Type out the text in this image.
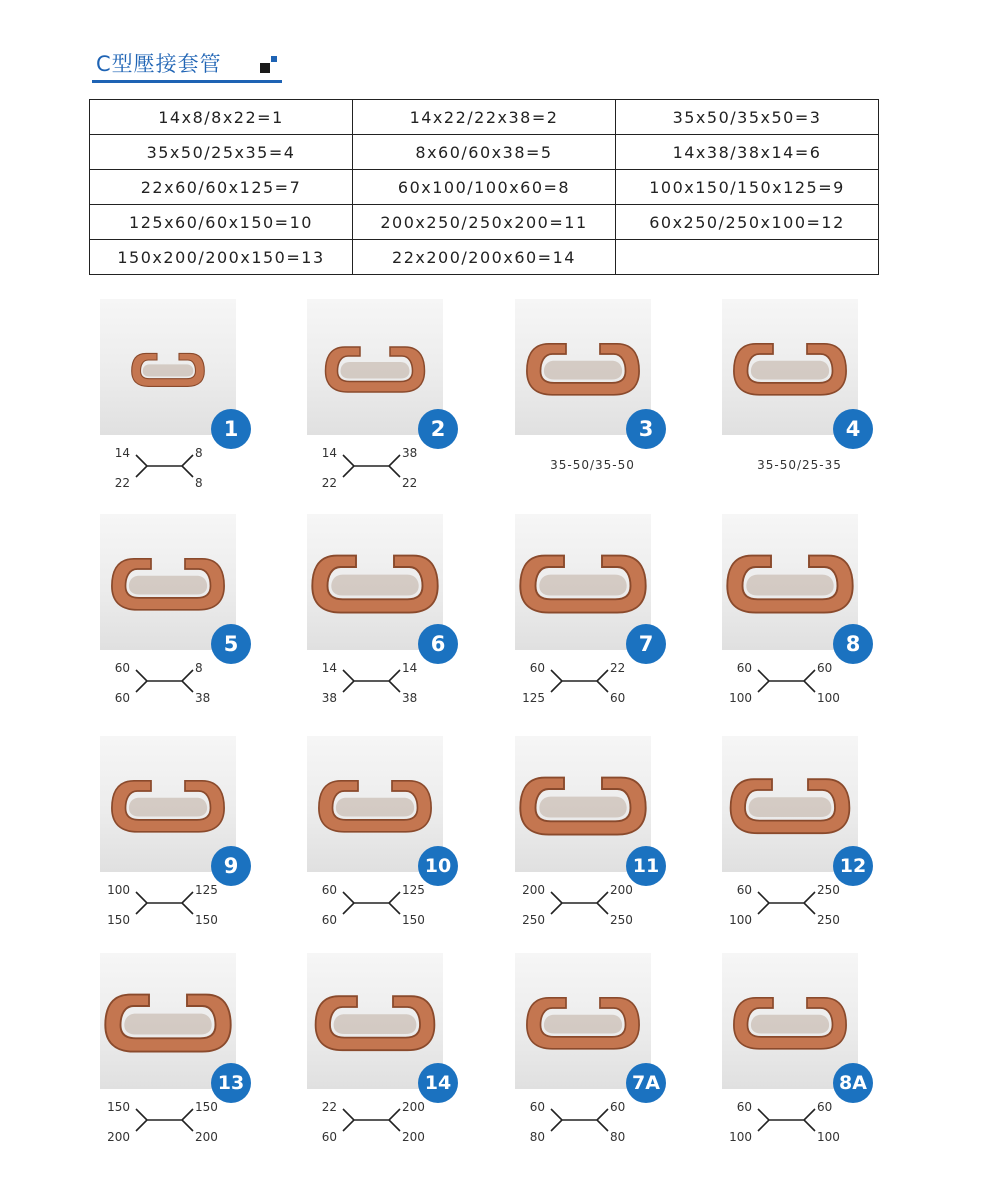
C型壓接套管
14x8/8x22=1	14x22/22x38=2	35x50/35x50=3
35x50/25x35=4	8x60/60x38=5	14x38/38x14=6
22x60/60x125=7	60x100/100x60=8	100x150/150x125=9
125x60/60x150=10	200x250/250x200=11	60x250/250x100=12
150x200/200x150=13	22x200/200x60=14	
1
14
22
8
8
2
14
22
38
22
3
35-50/35-50
4
35-50/25-35
5
60
60
8
38
6
14
38
14
38
7
60
125
22
60
8
60
100
60
100
9
100
150
125
150
10
60
60
125
150
11
200
250
200
250
12
60
100
250
250
13
150
200
150
200
14
22
60
200
200
7A
60
80
60
80
8A
60
100
60
100
